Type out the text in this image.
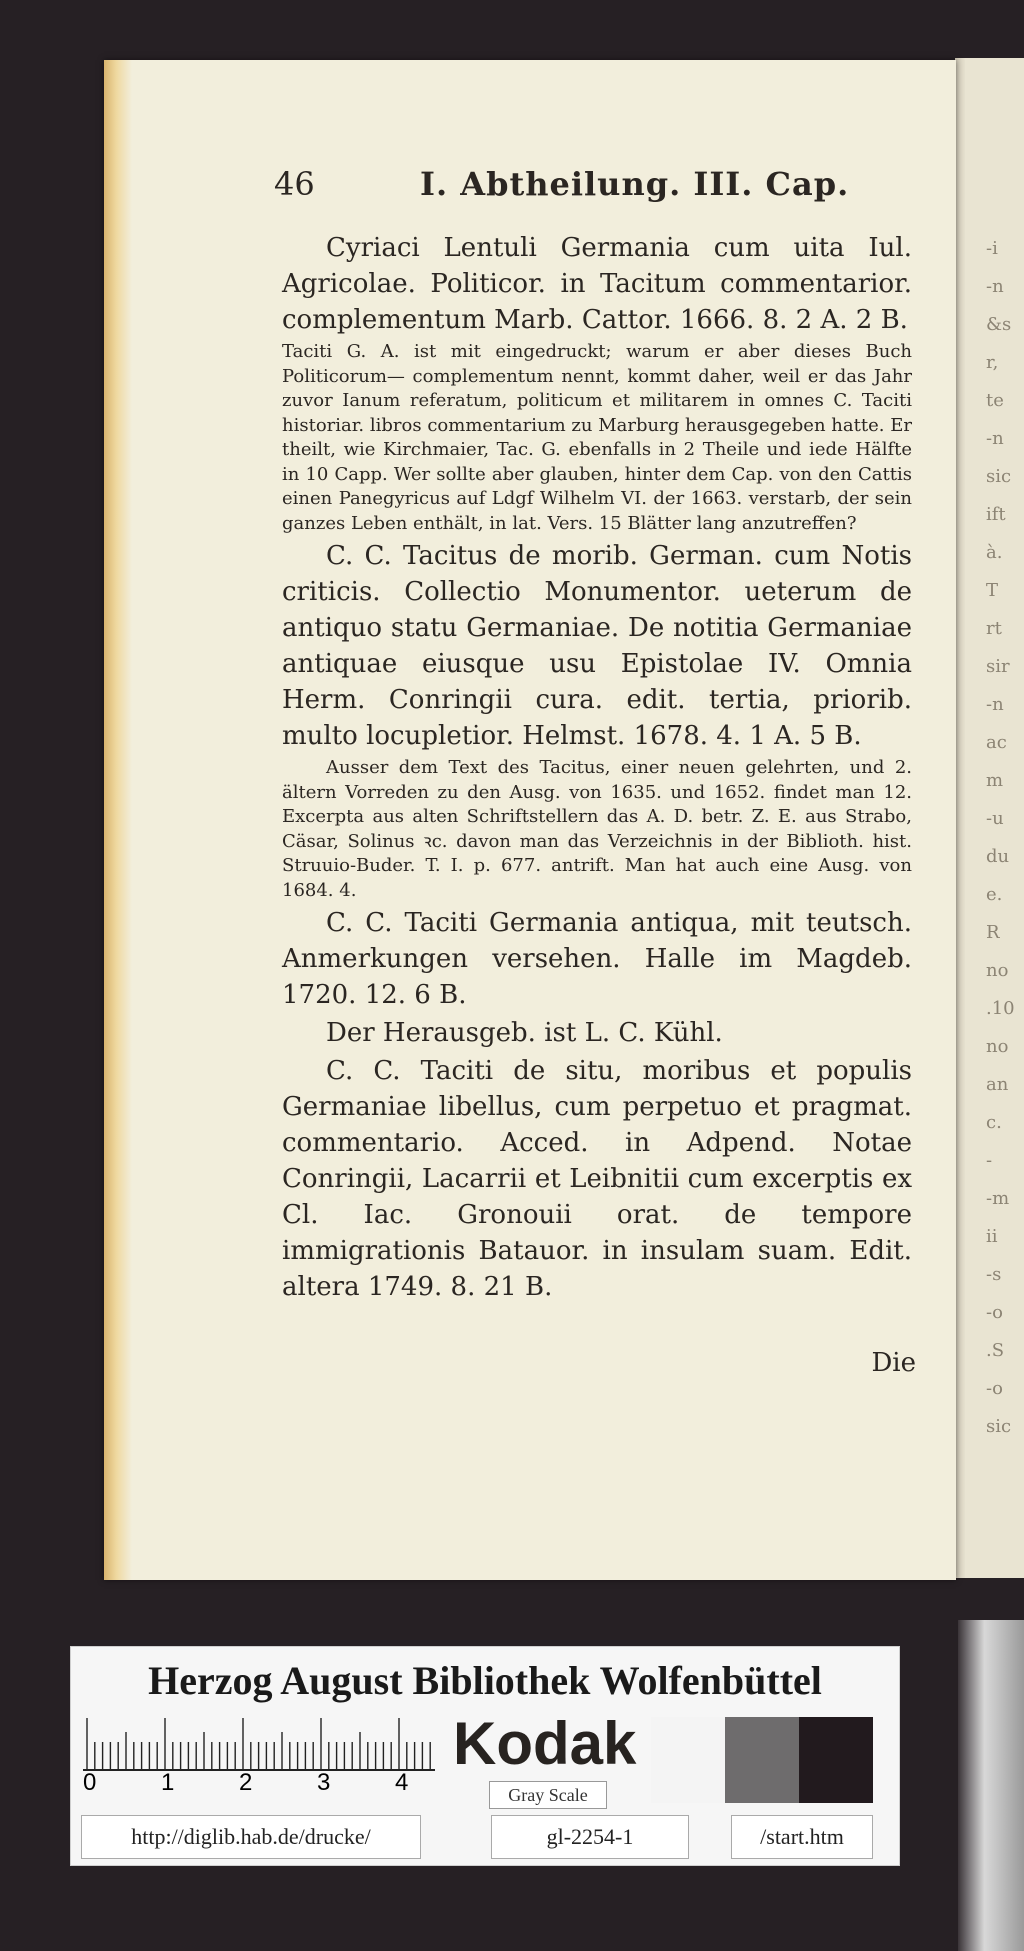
-i
-n
&s
r,
te
-n
sic
ift
à.
T
rt
sir
-n
ac
m
-u
du
e.
R
no
.10
no
an
c.
-
-m
ii
-s
-o
.S
-o
sic
46	I. Abtheilung. III. Cap.

Cyriaci Lentuli Germania cum uita Iul. Agricolae. Politicor. in Tacitum commentarior. complementum Marb. Cattor. 1666. 8. 2 A. 2 B.

Taciti G. A. ist mit eingedruckt; warum er aber dieses Buch Politicorum— complementum nennt, kommt daher, weil er das Jahr zuvor Ianum referatum, politicum et militarem in omnes C. Taciti historiar. libros commentarium zu Marburg herausgegeben hatte. Er theilt, wie Kirchmaier, Tac. G. ebenfalls in 2 Theile und iede Hälfte in 10 Capp. Wer sollte aber glauben, hinter dem Cap. von den Cattis einen Panegyricus auf Ldgf Wilhelm VI. der 1663. verstarb, der sein ganzes Leben enthält, in lat. Vers. 15 Blätter lang anzutreffen?

C. C. Tacitus de morib. German. cum Notis criticis. Collectio Monumentor. ueterum de antiquo statu Germaniae. De notitia Germaniae antiquae eiusque usu Epistolae IV. Omnia Herm. Conringii cura. edit. tertia, priorib. multo locupletior. Helmst. 1678. 4. 1 A. 5 B.

Ausser dem Text des Tacitus, einer neuen gelehrten, und 2. ältern Vorreden zu den Ausg. von 1635. und 1652. findet man 12. Excerpta aus alten Schriftstellern das A. D. betr. Z. E. aus Strabo, Cäsar, Solinus ꝛc. davon man das Verzeichnis in der Biblioth. hist. Struuio-Buder. T. I. p. 677. antrift. Man hat auch eine Ausg. von 1684. 4.

C. C. Taciti Germania antiqua, mit teutsch. Anmerkungen versehen. Halle im Magdeb. 1720. 12. 6 B.

Der Herausgeb. ist L. C. Kühl.

C. C. Taciti de situ, moribus et populis Germaniae libellus, cum perpetuo et pragmat. commentario. Acced. in Adpend. Notae Conringii, Lacarrii et Leibnitii cum excerptis ex Cl. Iac. Gronouii orat. de tempore immigrationis Batauor. in insulam suam. Edit. altera 1749. 8. 21 B.

Die
Herzog August Bibliothek Wolfenbüttel
0	1	2	3	4
Kodak
Gray Scale
http://diglib.hab.de/drucke/	gl-2254-1	/start.htm
